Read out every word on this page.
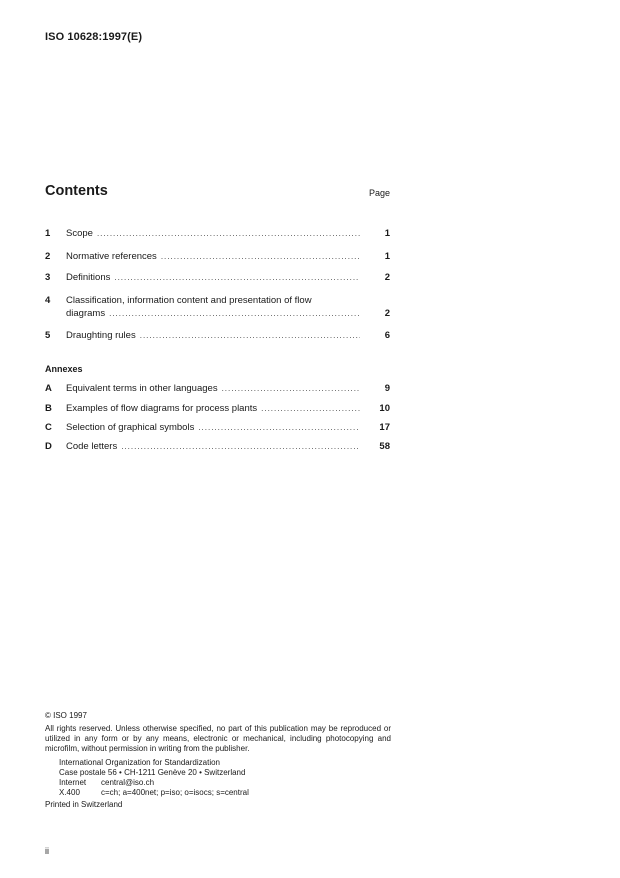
ISO 10628:1997(E)
Contents	Page
1 Scope .....	1
2 Normative references .....	1
3 Definitions .....	2
4 Classification, information content and presentation of flow
diagrams .....	2
5 Draughting rules .....	6
Annexes
A Equivalent terms in other languages .....	9
B Examples of flow diagrams for process plants .....	10
C Selection of graphical symbols .....	17
D Code letters .....	58
© ISO 1997
All rights reserved. Unless otherwise specified, no part of this publication may be reproduced or utilized in any form or by any means, electronic or mechanical, including photocopying and microfilm, without permission in writing from the publisher.
International Organization for Standardization
Case postale 56 • CH-1211 Genève 20 • Switzerland
Internet	central@iso.ch
X.400	c=ch; a=400net; p=iso; o=isocs; s=central
Printed in Switzerland
ii
